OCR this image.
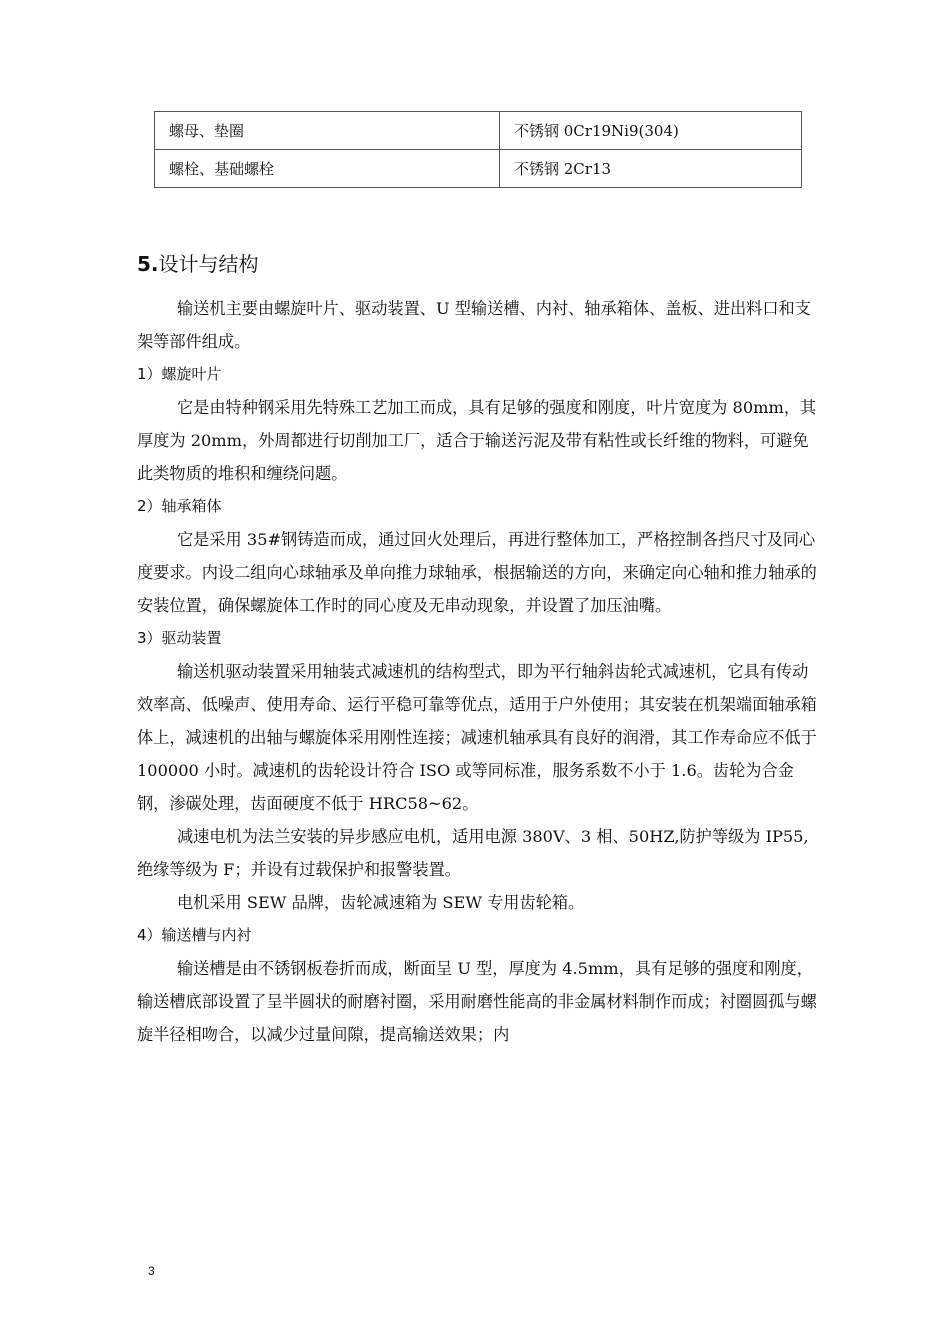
螺母、垫圈	不锈钢 0Cr19Ni9(304)
螺栓、基础螺栓	不锈钢 2Cr13
5.设计与结构

输送机主要由螺旋叶片、驱动装置、U 型输送槽、内衬、轴承箱体、盖板、进出料口和支架等部件组成。

1）螺旋叶片

它是由特种钢采用先特殊工艺加工而成，具有足够的强度和刚度，叶片宽度为 80mm，其厚度为 20mm，外周都进行切削加工厂，适合于输送污泥及带有粘性或长纤维的物料，可避免此类物质的堆积和缠绕问题。

2）轴承箱体

它是采用 35#钢铸造而成，通过回火处理后，再进行整体加工，严格控制各挡尺寸及同心度要求。内设二组向心球轴承及单向推力球轴承，根据输送的方向，来确定向心轴和推力轴承的安装位置，确保螺旋体工作时的同心度及无串动现象，并设置了加压油嘴。

3）驱动装置

输送机驱动装置采用轴装式减速机的结构型式，即为平行轴斜齿轮式减速机，它具有传动效率高、低噪声、使用寿命、运行平稳可靠等优点，适用于户外使用；其安装在机架端面轴承箱体上，减速机的出轴与螺旋体采用刚性连接；减速机轴承具有良好的润滑，其工作寿命应不低于 100000 小时。减速机的齿轮设计符合 ISO 或等同标准，服务系数不小于 1.6。齿轮为合金钢，渗碳处理，齿面硬度不低于 HRC58~62。

减速电机为法兰安装的异步感应电机，适用电源 380V、3 相、50HZ,防护等级为 IP55,绝缘等级为 F；并设有过载保护和报警装置。

电机采用 SEW 品牌，齿轮减速箱为 SEW 专用齿轮箱。

4）输送槽与内衬

输送槽是由不锈钢板卷折而成，断面呈 U 型，厚度为 4.5mm，具有足够的强度和刚度，输送槽底部设置了呈半圆状的耐磨衬圈，采用耐磨性能高的非金属材料制作而成；衬圈圆孤与螺旋半径相吻合，以减少过量间隙，提高输送效果；内

3
